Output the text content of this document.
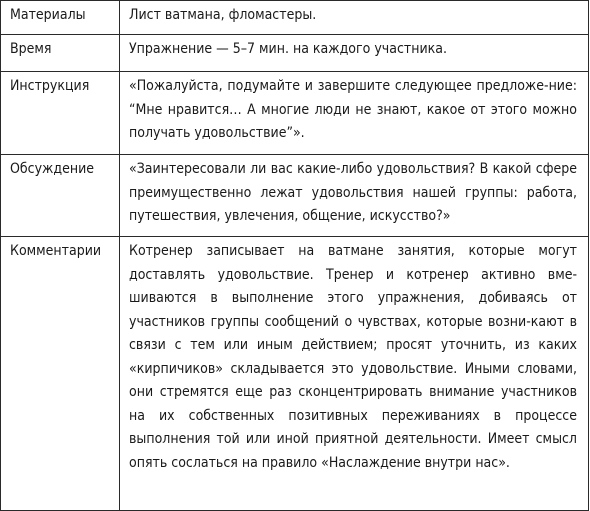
Материалы	Лист ватмана, фломастеры.
Время	Упражнение — 5–7 мин. на каждого участника.
Инструкция	«Пожалуйста, подумайте и завершите следующее предложе-ние: “Мне нравится… А многие люди не знают, какое от этого можно получать удовольствие”».
Обсуждение	«Заинтересовали ли вас какие-либо удовольствия? В какой сфере преимущественно лежат удовольствия нашей группы: работа, путешествия, увлечения, общение, искусство?»
Комментарии	Котренер записывает на ватмане занятия, которые могут доставлять удовольствие. Тренер и котренер активно вме-шиваются в выполнение этого упражнения, добиваясь от участников группы сообщений о чувствах, которые возни-кают в связи с тем или иным действием; просят уточнить, из каких «кирпичиков» складывается это удовольствие. Иными словами, они стремятся еще раз сконцентрировать внимание участников на их собственных позитивных переживаниях в процессе выполнения той или иной приятной деятельности. Имеет смысл опять сослаться на правило «Наслаждение внутри нас».
